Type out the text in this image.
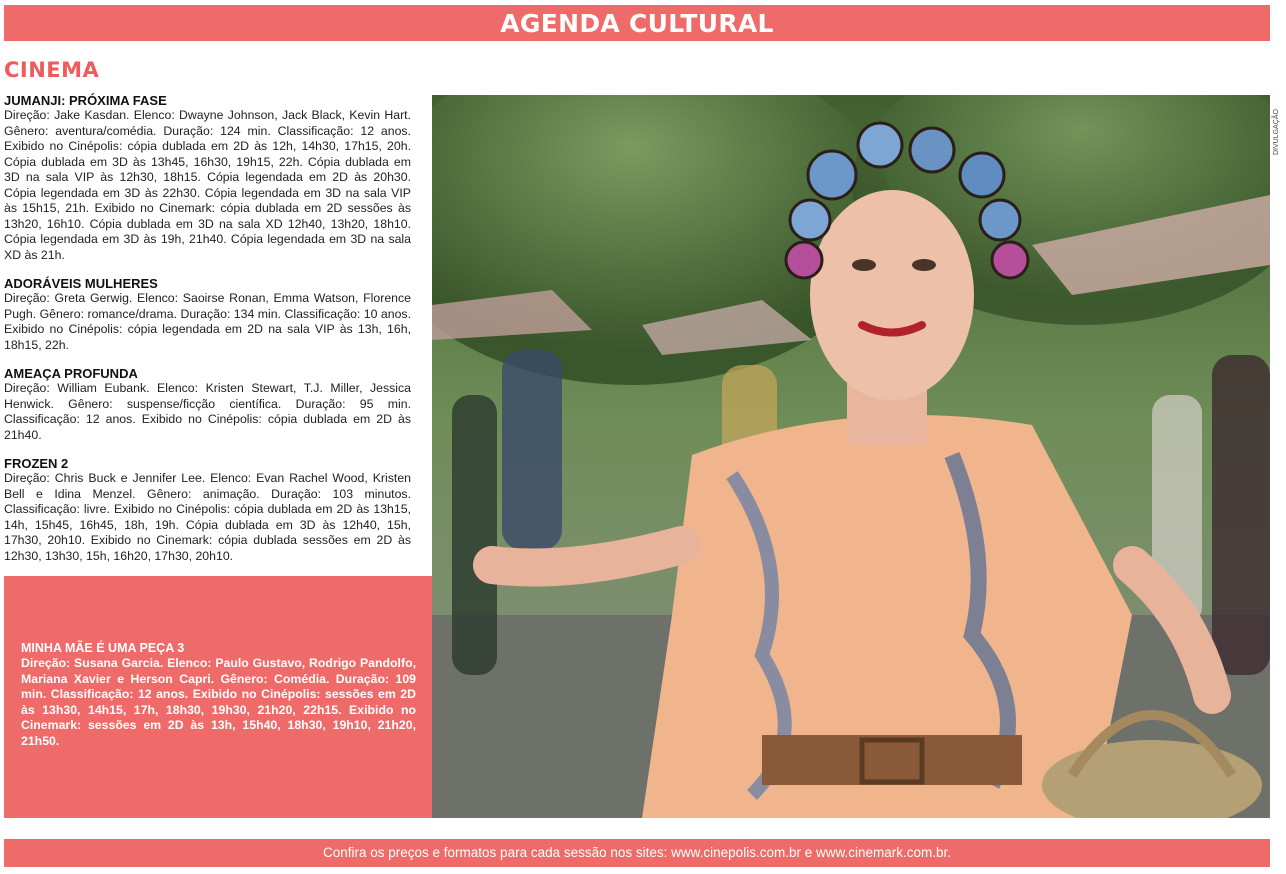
AGENDA CULTURAL
CINEMA
JUMANJI: PRÓXIMA FASE
Direção: Jake Kasdan. Elenco: Dwayne Johnson, Jack Black, Kevin Hart. Gênero: aventura/comédia. Duração: 124 min. Classificação: 12 anos. Exibido no Cinépolis: cópia dublada em 2D às 12h, 14h30, 17h15, 20h. Cópia dublada em 3D às 13h45, 16h30, 19h15, 22h. Cópia dublada em 3D na sala VIP às 12h30, 18h15. Cópia legendada em 2D às 20h30. Cópia legendada em 3D às 22h30. Cópia legendada em 3D na sala VIP às 15h15, 21h. Exibido no Cinemark: cópia dublada em 2D sessões às 13h20, 16h10. Cópia dublada em 3D na sala XD 12h40, 13h20, 18h10. Cópia legendada em 3D às 19h, 21h40. Cópia legendada em 3D na sala XD às 21h.
ADORÁVEIS MULHERES
Direção: Greta Gerwig. Elenco: Saoirse Ronan, Emma Watson, Florence Pugh. Gênero: romance/drama. Duração: 134 min. Classificação: 10 anos. Exibido no Cinépolis: cópia legendada em 2D na sala VIP às 13h, 16h, 18h15, 22h.
AMEAÇA PROFUNDA
Direção: William Eubank. Elenco: Kristen Stewart, T.J. Miller, Jessica Henwick. Gênero: suspense/ficção científica. Duração: 95 min. Classificação: 12 anos. Exibido no Cinépolis: cópia dublada em 2D às 21h40.
FROZEN 2
Direção: Chris Buck e Jennifer Lee. Elenco: Evan Rachel Wood, Kristen Bell e Idina Menzel. Gênero: animação. Duração: 103 minutos. Classificação: livre. Exibido no Cinépolis: cópia dublada em 2D às 13h15, 14h, 15h45, 16h45, 18h, 19h. Cópia dublada em 3D às 12h40, 15h, 17h30, 20h10. Exibido no Cinemark: cópia dublada sessões em 2D às 12h30, 13h30, 15h, 16h20, 17h30, 20h10.
MINHA MÃE É UMA PEÇA 3
Direção: Susana Garcia. Elenco: Paulo Gustavo, Rodrigo Pandolfo, Mariana Xavier e Herson Capri. Gênero: Comédia. Duração: 109 min. Classificação: 12 anos. Exibido no Cinépolis: sessões em 2D às 13h30, 14h15, 17h, 18h30, 19h30, 21h20, 22h15. Exibido no Cinemark: sessões em 2D às 13h, 15h40, 18h30, 19h10, 21h20, 21h50.
DIVULGAÇÃO
Confira os preços e formatos para cada sessão nos sites: www.cinepolis.com.br e www.cinemark.com.br.
